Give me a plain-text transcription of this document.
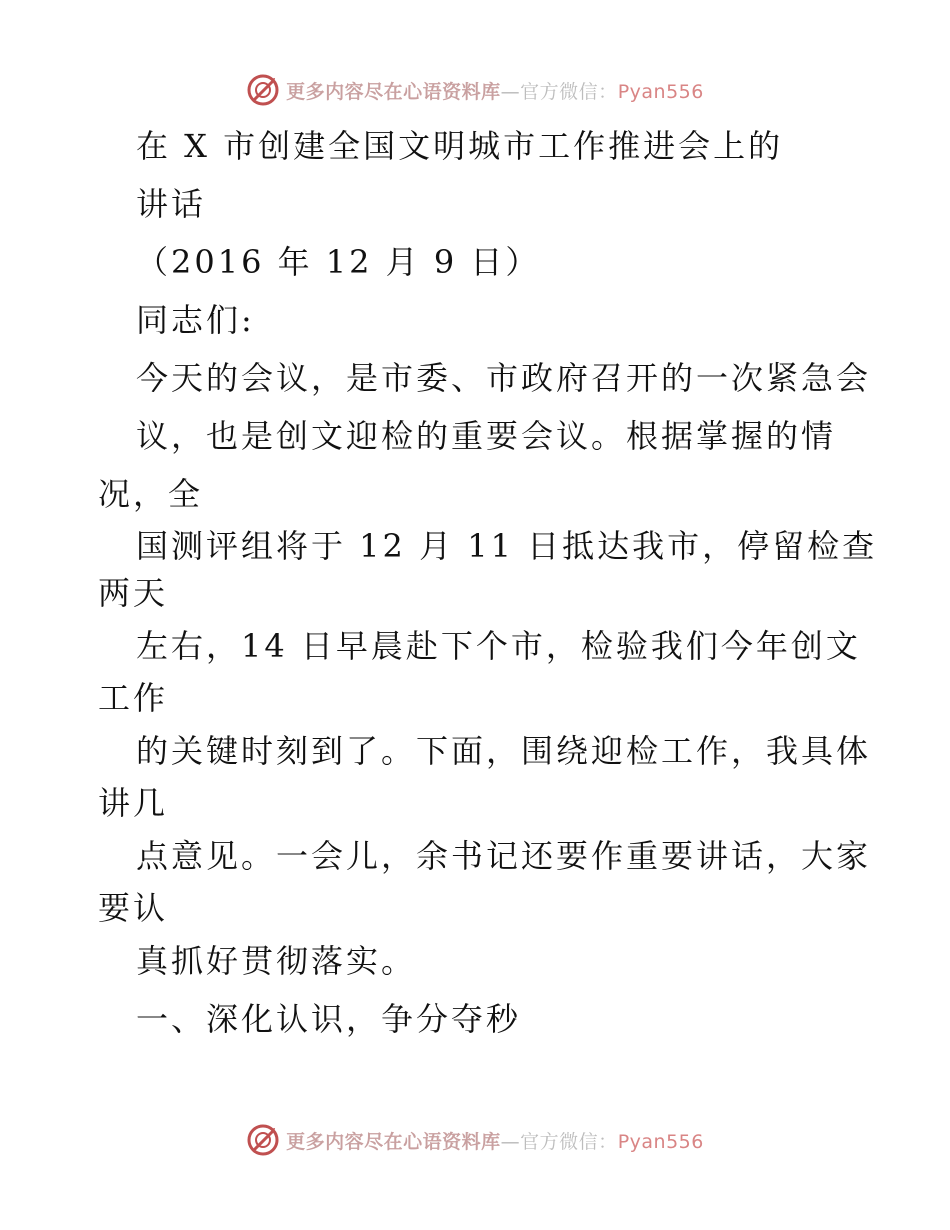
更多内容尽在心语资料库—官方微信：Pyan556
在 X 市创建全国文明城市工作推进会上的
讲话
（2016 年 12 月 9 日）
同志们:
今天的会议，是市委、市政府召开的一次紧急会
议，也是创文迎检的重要会议。根据掌握的情
况，全
国测评组将于 12 月 11 日抵达我市，停留检查
两天
左右，14 日早晨赴下个市，检验我们今年创文
工作
的关键时刻到了。下面，围绕迎检工作，我具体
讲几
点意见。一会儿，余书记还要作重要讲话，大家
要认
真抓好贯彻落实。
一、深化认识，争分夺秒
更多内容尽在心语资料库—官方微信：Pyan556
